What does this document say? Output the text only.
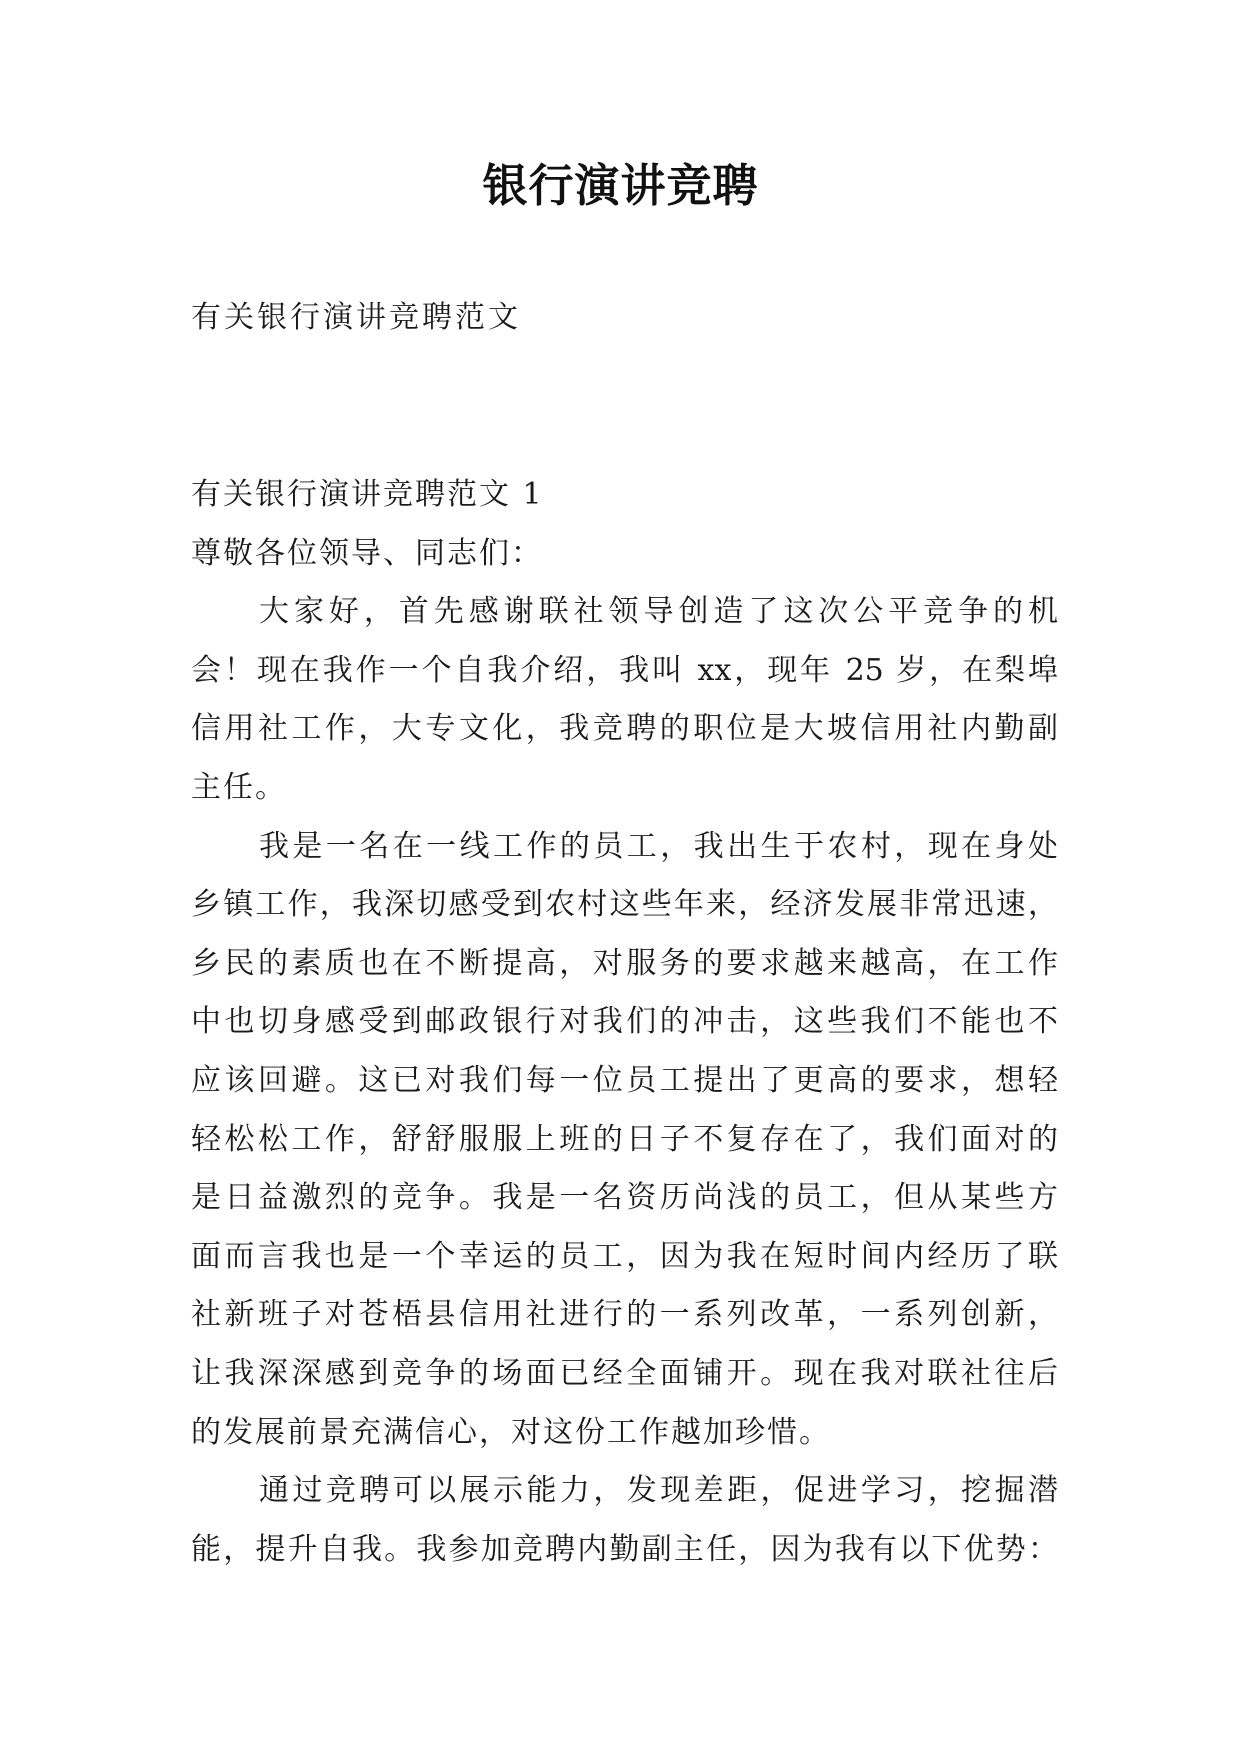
银行演讲竞聘
有关银行演讲竞聘范文
有关银行演讲竞聘范文 1
尊敬各位领导、同志们：
大家好，首先感谢联社领导创造了这次公平竞争的机
会！现在我作一个自我介绍，我叫 xx，现年 25 岁，在梨埠
信用社工作，大专文化，我竞聘的职位是大坡信用社内勤副
主任。
我是一名在一线工作的员工，我出生于农村，现在身处
乡镇工作，我深切感受到农村这些年来，经济发展非常迅速，
乡民的素质也在不断提高，对服务的要求越来越高，在工作
中也切身感受到邮政银行对我们的冲击，这些我们不能也不
应该回避。这已对我们每一位员工提出了更高的要求，想轻
轻松松工作，舒舒服服上班的日子不复存在了，我们面对的
是日益激烈的竞争。我是一名资历尚浅的员工，但从某些方
面而言我也是一个幸运的员工，因为我在短时间内经历了联
社新班子对苍梧县信用社进行的一系列改革，一系列创新，
让我深深感到竞争的场面已经全面铺开。现在我对联社往后
的发展前景充满信心，对这份工作越加珍惜。
通过竞聘可以展示能力，发现差距，促进学习，挖掘潜
能，提升自我。我参加竞聘内勤副主任，因为我有以下优势：
